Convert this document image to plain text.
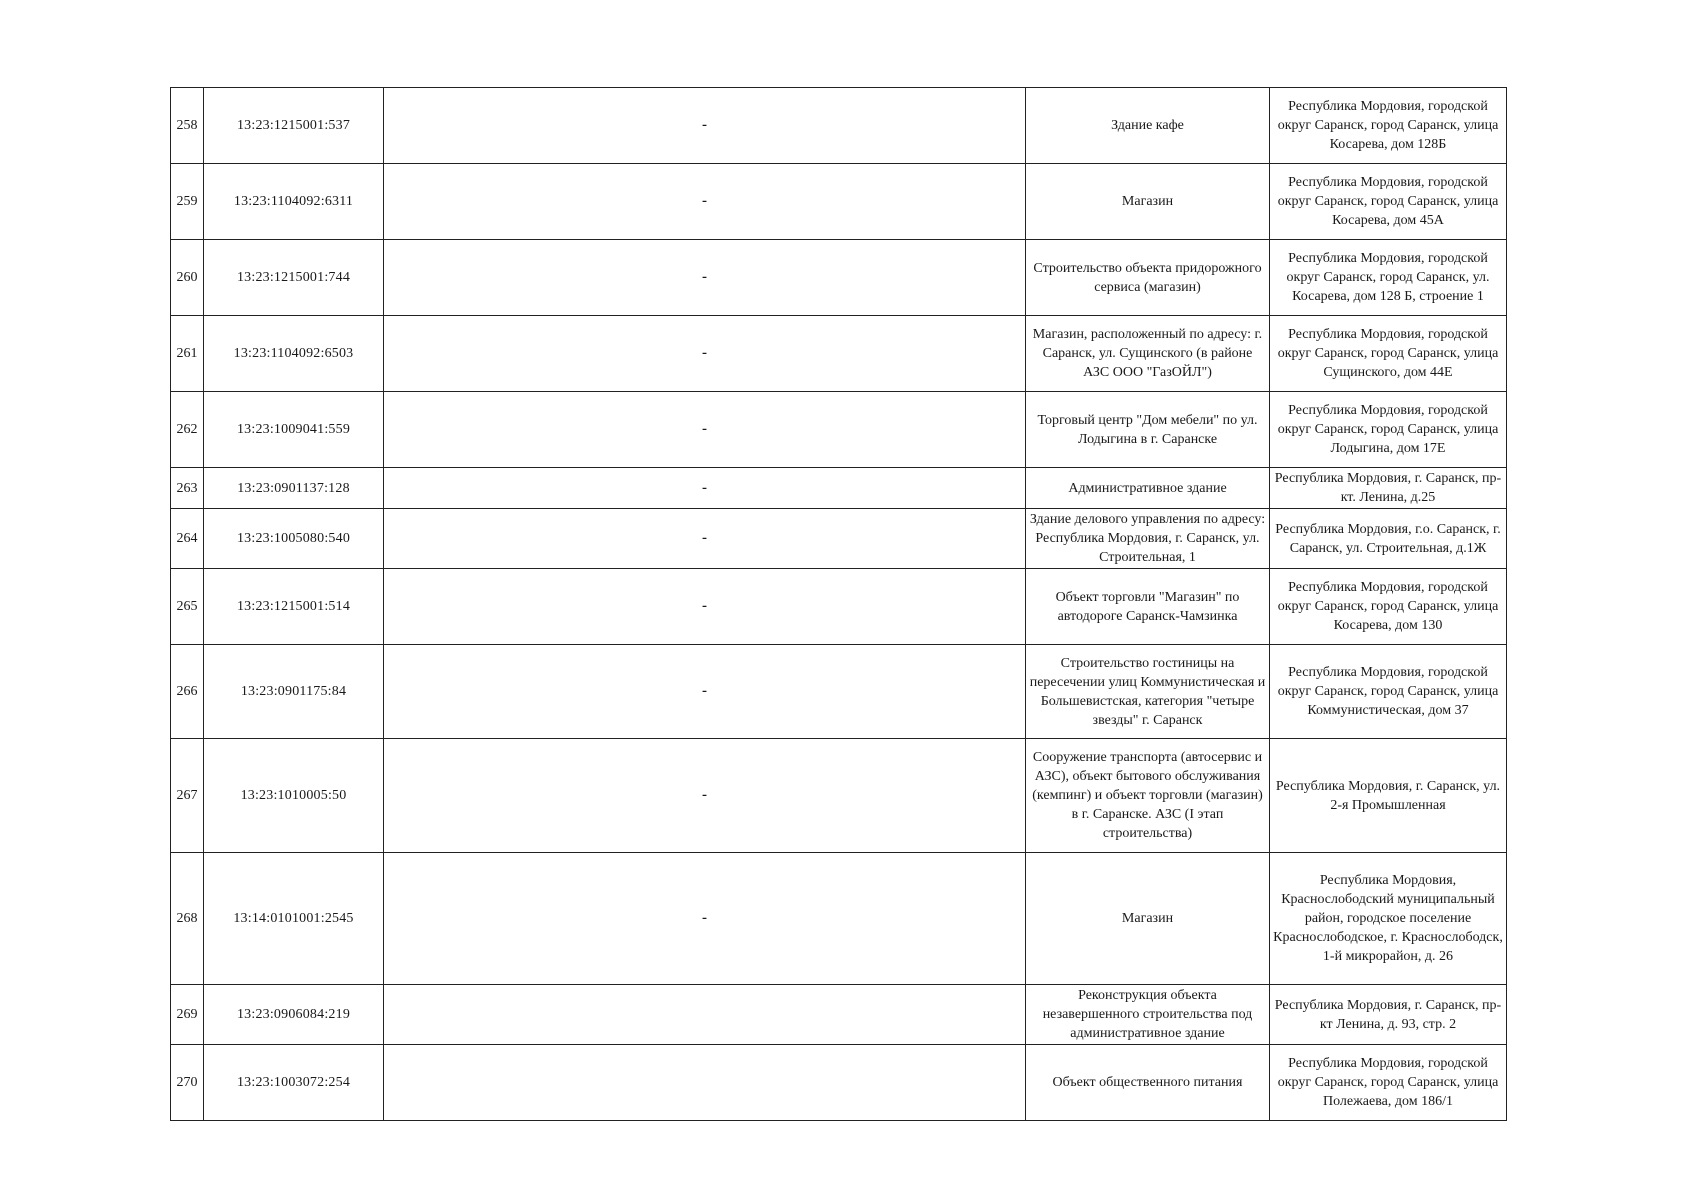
258	13:23:1215001:537	-	Здание кафе	Республика Мордовия, городской округ Саранск, город Саранск, улица Косарева, дом 128Б
259	13:23:1104092:6311	-	Магазин	Республика Мордовия, городской округ Саранск, город Саранск, улица Косарева, дом 45А
260	13:23:1215001:744	-	Строительство объекта придорожного сервиса (магазин)	Республика Мордовия, городской округ Саранск, город Саранск, ул. Косарева, дом 128 Б, строение 1
261	13:23:1104092:6503	-	Магазин, расположенный по адресу: г. Саранск, ул. Сущинского (в районе АЗС ООО "ГазОЙЛ")	Республика Мордовия, городской округ Саранск, город Саранск, улица Сущинского, дом 44Е
262	13:23:1009041:559	-	Торговый центр "Дом мебели" по ул. Лодыгина в г. Саранске	Республика Мордовия, городской округ Саранск, город Саранск, улица Лодыгина, дом 17Е
263	13:23:0901137:128	-	Административное здание	Республика Мордовия, г. Саранск, пр-кт. Ленина, д.25
264	13:23:1005080:540	-	Здание делового управления по адресу: Республика Мордовия, г. Саранск, ул. Строительная, 1	Республика Мордовия, г.о. Саранск, г. Саранск, ул. Строительная, д.1Ж
265	13:23:1215001:514	-	Объект торговли "Магазин" по автодороге Саранск-Чамзинка	Республика Мордовия, городской округ Саранск, город Саранск, улица Косарева, дом 130
266	13:23:0901175:84	-	Строительство гостиницы на пересечении улиц Коммунистическая и Большевистская, категория "четыре звезды" г. Саранск	Республика Мордовия, городской округ Саранск, город Саранск, улица Коммунистическая, дом 37
267	13:23:1010005:50	-	Сооружение транспорта (автосервис и АЗС), объект бытового обслуживания (кемпинг) и объект торговли (магазин) в г. Саранске. АЗС (I этап строительства)	Республика Мордовия, г. Саранск, ул. 2-я Промышленная
268	13:14:0101001:2545	-	Магазин	Республика Мордовия, Краснослободский муниципальный район, городское поселение Краснослободское, г. Краснослободск, 1-й микрорайон, д. 26
269	13:23:0906084:219		Реконструкция объекта незавершенного строительства под административное здание	Республика Мордовия, г. Саранск, пр-кт Ленина, д. 93, стр. 2
270	13:23:1003072:254		Объект общественного питания	Республика Мордовия, городской округ Саранск, город Саранск, улица Полежаева, дом 186/1
